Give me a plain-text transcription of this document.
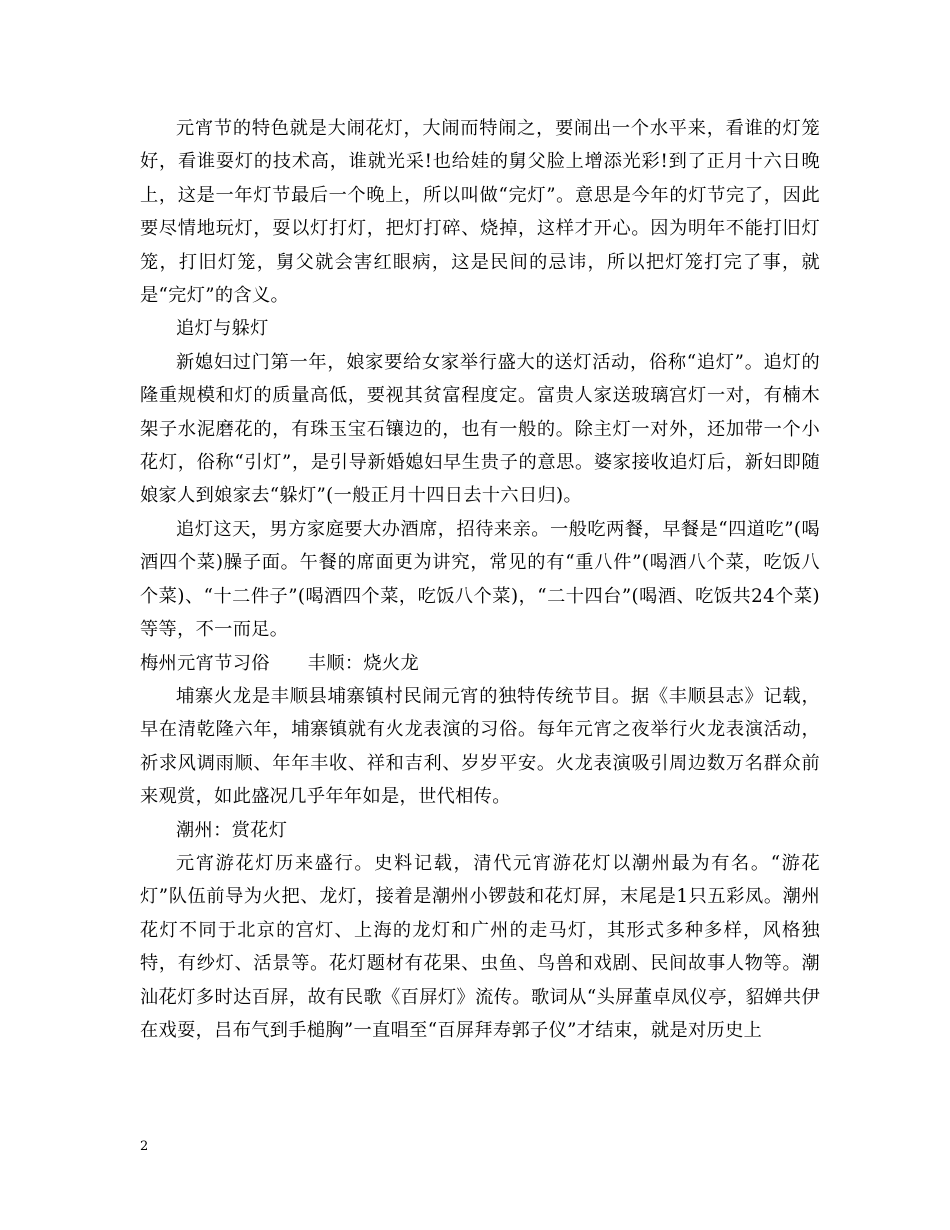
元宵节的特色就是大闹花灯，大闹而特闹之，要闹出一个水平来，看谁的灯笼好，看谁耍灯的技术高，谁就光采!也给娃的舅父脸上增添光彩!到了正月十六日晚上，这是一年灯节最后一个晚上，所以叫做“完灯”。意思是今年的灯节完了，因此要尽情地玩灯，耍以灯打灯，把灯打碎、烧掉，这样才开心。因为明年不能打旧灯笼，打旧灯笼，舅父就会害红眼病，这是民间的忌讳，所以把灯笼打完了事，就是“完灯”的含义。

追灯与躲灯

新媳妇过门第一年，娘家要给女家举行盛大的送灯活动，俗称“追灯”。追灯的隆重规模和灯的质量高低，要视其贫富程度定。富贵人家送玻璃宫灯一对，有楠木架子水泥磨花的，有珠玉宝石镶边的，也有一般的。除主灯一对外，还加带一个小花灯，俗称“引灯”，是引导新婚媳妇早生贵子的意思。婆家接收追灯后，新妇即随娘家人到娘家去“躲灯”(一般正月十四日去十六日归)。

追灯这天，男方家庭要大办酒席，招待来亲。一般吃两餐，早餐是“四道吃”(喝酒四个菜)臊子面。午餐的席面更为讲究，常见的有“重八件”(喝酒八个菜，吃饭八个菜)、“十二件子”(喝酒四个菜，吃饭八个菜)，“二十四台”(喝酒、吃饭共24个菜)等等，不一而足。

梅州元宵节习俗 丰顺：烧火龙

埔寨火龙是丰顺县埔寨镇村民闹元宵的独特传统节目。据《丰顺县志》记载，早在清乾隆六年，埔寨镇就有火龙表演的习俗。每年元宵之夜举行火龙表演活动，祈求风调雨顺、年年丰收、祥和吉利、岁岁平安。火龙表演吸引周边数万名群众前来观赏，如此盛况几乎年年如是，世代相传。

潮州：赏花灯

元宵游花灯历来盛行。史料记载，清代元宵游花灯以潮州最为有名。“游花灯”队伍前导为火把、龙灯，接着是潮州小锣鼓和花灯屏，末尾是1只五彩凤。潮州花灯不同于北京的宫灯、上海的龙灯和广州的走马灯，其形式多种多样，风格独特，有纱灯、活景等。花灯题材有花果、虫鱼、鸟兽和戏剧、民间故事人物等。潮汕花灯多时达百屏，故有民歌《百屏灯》流传。歌词从“头屏董卓凤仪亭，貂婵共伊在戏耍，吕布气到手槌胸”一直唱至“百屏拜寿郭子仪”才结束，就是对历史上

2
